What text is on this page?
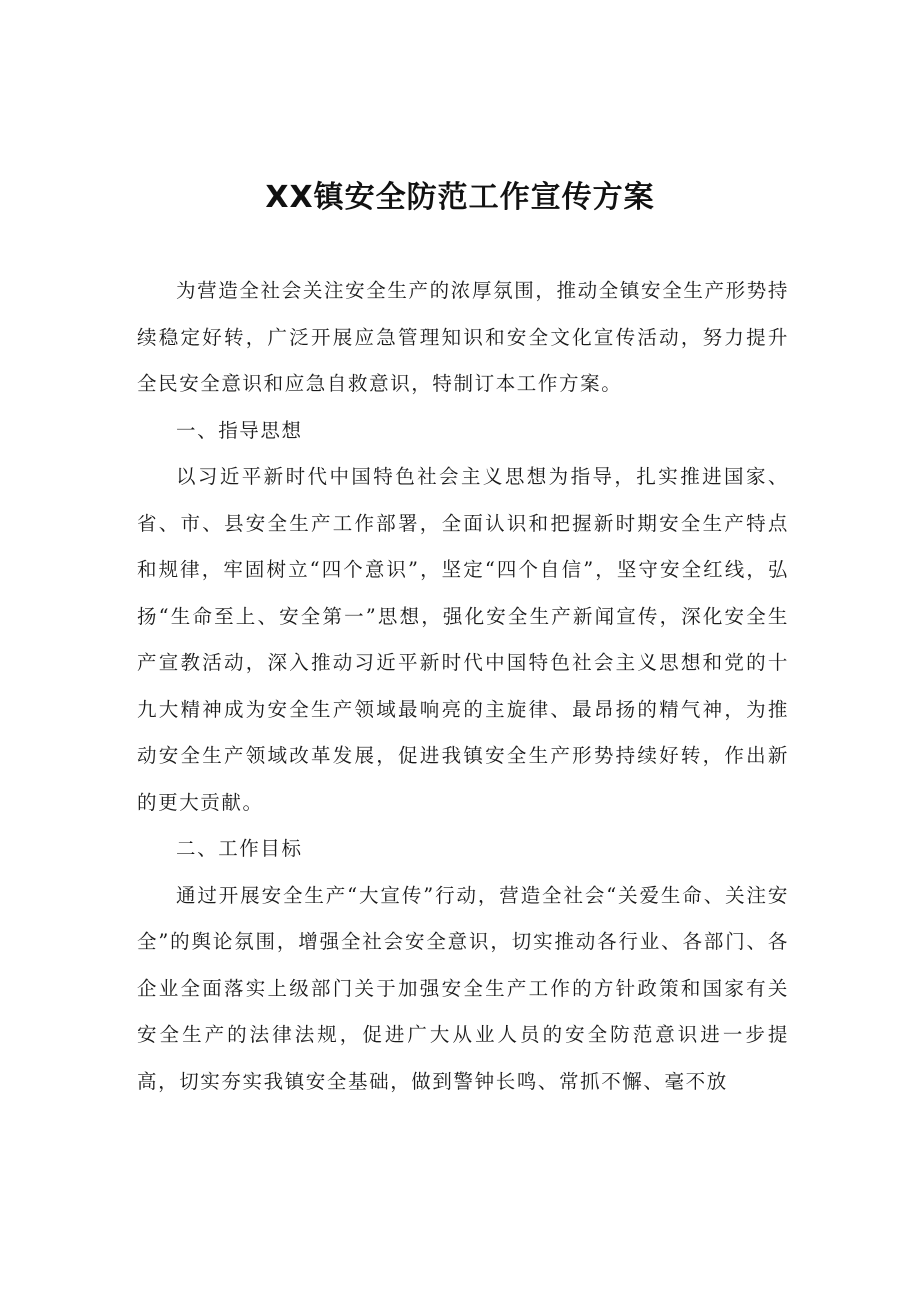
XX镇安全防范工作宣传方案

为营造全社会关注安全生产的浓厚氛围，推动全镇安全生产形势持续稳定好转，广泛开展应急管理知识和安全文化宣传活动，努力提升全民安全意识和应急自救意识，特制订本工作方案。

一、指导思想

以习近平新时代中国特色社会主义思想为指导，扎实推进国家、省、市、县安全生产工作部署，全面认识和把握新时期安全生产特点和规律，牢固树立“四个意识”，坚定“四个自信”，坚守安全红线，弘扬“生命至上、安全第一”思想，强化安全生产新闻宣传，深化安全生产宣教活动，深入推动习近平新时代中国特色社会主义思想和党的十九大精神成为安全生产领域最响亮的主旋律、最昂扬的精气神，为推动安全生产领域改革发展，促进我镇安全生产形势持续好转，作出新的更大贡献。

二、工作目标

通过开展安全生产“大宣传”行动，营造全社会“关爱生命、关注安全”的舆论氛围，增强全社会安全意识，切实推动各行业、各部门、各企业全面落实上级部门关于加强安全生产工作的方针政策和国家有关安全生产的法律法规，促进广大从业人员的安全防范意识进一步提高，切实夯实我镇安全基础，做到警钟长鸣、常抓不懈、毫不放
